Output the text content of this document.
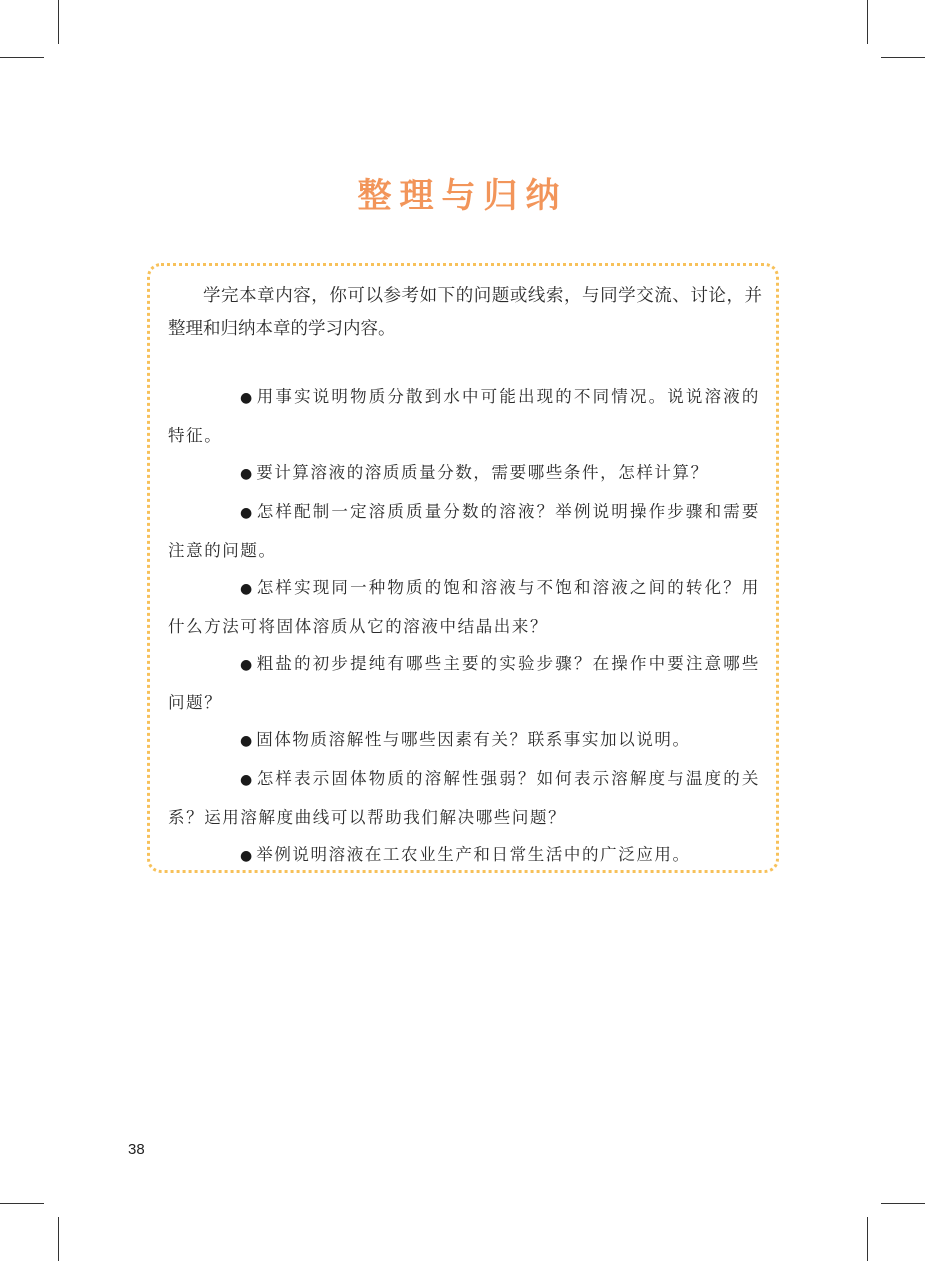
整理与归纳

学完本章内容，你可以参考如下的问题或线索，与同学交流、讨论，并整理和归纳本章的学习内容。

● 用事实说明物质分散到水中可能出现的不同情况。说说溶液的特征。
● 要计算溶液的溶质质量分数，需要哪些条件，怎样计算？
● 怎样配制一定溶质质量分数的溶液？举例说明操作步骤和需要注意的问题。
● 怎样实现同一种物质的饱和溶液与不饱和溶液之间的转化？用什么方法可将固体溶质从它的溶液中结晶出来？
● 粗盐的初步提纯有哪些主要的实验步骤？在操作中要注意哪些问题？
● 固体物质溶解性与哪些因素有关？联系事实加以说明。
● 怎样表示固体物质的溶解性强弱？如何表示溶解度与温度的关系？运用溶解度曲线可以帮助我们解决哪些问题？
● 举例说明溶液在工农业生产和日常生活中的广泛应用。
38
